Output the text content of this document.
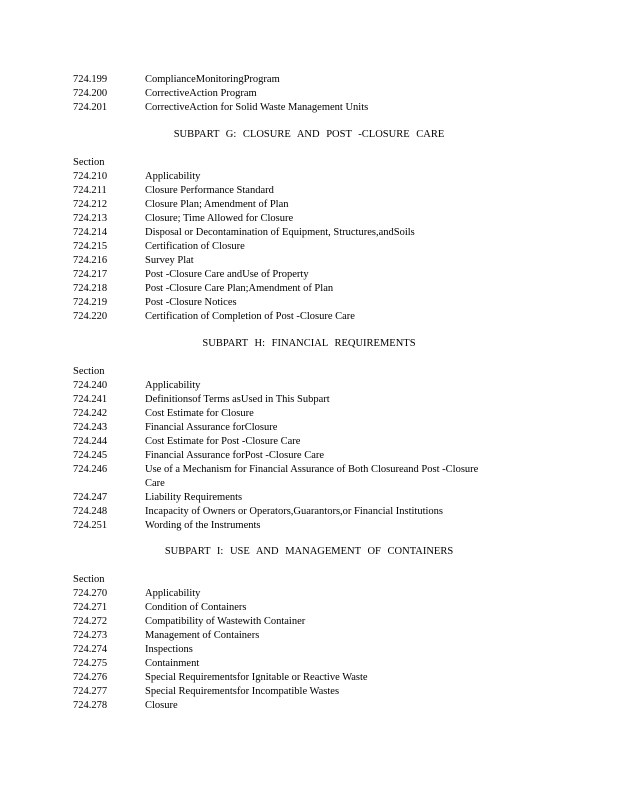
724.199	ComplianceMonitoringProgram
724.200	CorrectiveAction Program
724.201	CorrectiveAction for Solid Waste Management Units
SUBPART G: CLOSURE AND POST -CLOSURE CARE
Section
724.210	Applicability
724.211	Closure Performance Standard
724.212	Closure Plan; Amendment of Plan
724.213	Closure; Time Allowed for Closure
724.214	Disposal or Decontamination of Equipment, Structures,andSoils
724.215	Certification of Closure
724.216	Survey Plat
724.217	Post -Closure Care andUse of Property
724.218	Post -Closure Care Plan;Amendment of Plan
724.219	Post -Closure Notices
724.220	Certification of Completion of Post -Closure Care
SUBPART H: FINANCIAL REQUIREMENTS
Section
724.240	Applicability
724.241	Definitionsof Terms asUsed in This Subpart
724.242	Cost Estimate for Closure
724.243	Financial Assurance forClosure
724.244	Cost Estimate for Post -Closure Care
724.245	Financial Assurance forPost -Closure Care
724.246	Use of a Mechanism for Financial Assurance of Both Closureand Post -Closure
Care
724.247	Liability Requirements
724.248	Incapacity of Owners or Operators,Guarantors,or Financial Institutions
724.251	Wording of the Instruments
SUBPART I: USE AND MANAGEMENT OF CONTAINERS
Section
724.270	Applicability
724.271	Condition of Containers
724.272	Compatibility of Wastewith Container
724.273	Management of Containers
724.274	Inspections
724.275	Containment
724.276	Special Requirementsfor Ignitable or Reactive Waste
724.277	Special Requirementsfor Incompatible Wastes
724.278	Closure
